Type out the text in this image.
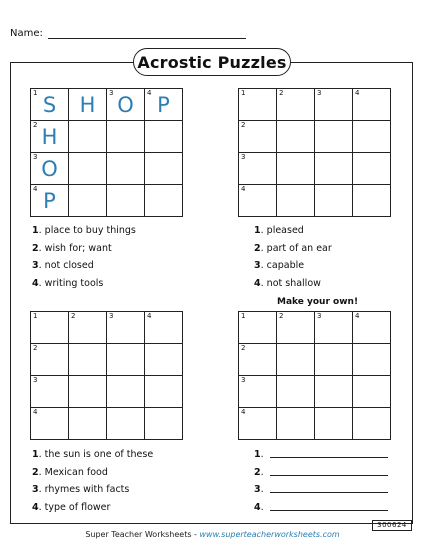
Name:
Acrostic Puzzles
1 S	H	3 O	4 P
2 H
3 O
4 P
1. place to buy things
2. wish for; want
3. not closed
4. writing tools
1	2	3	4
2
3
4
1. pleased
2. part of an ear
3. capable
4. not shallow
1	2	3	4
2
3
4
1. the sun is one of these
2. Mexican food
3. rhymes with facts
4. type of flower
Make your own!
1	2	3	4
2
3
4
1.
2.
3.
4.
300624
Super Teacher Worksheets - www.superteacherworksheets.com
